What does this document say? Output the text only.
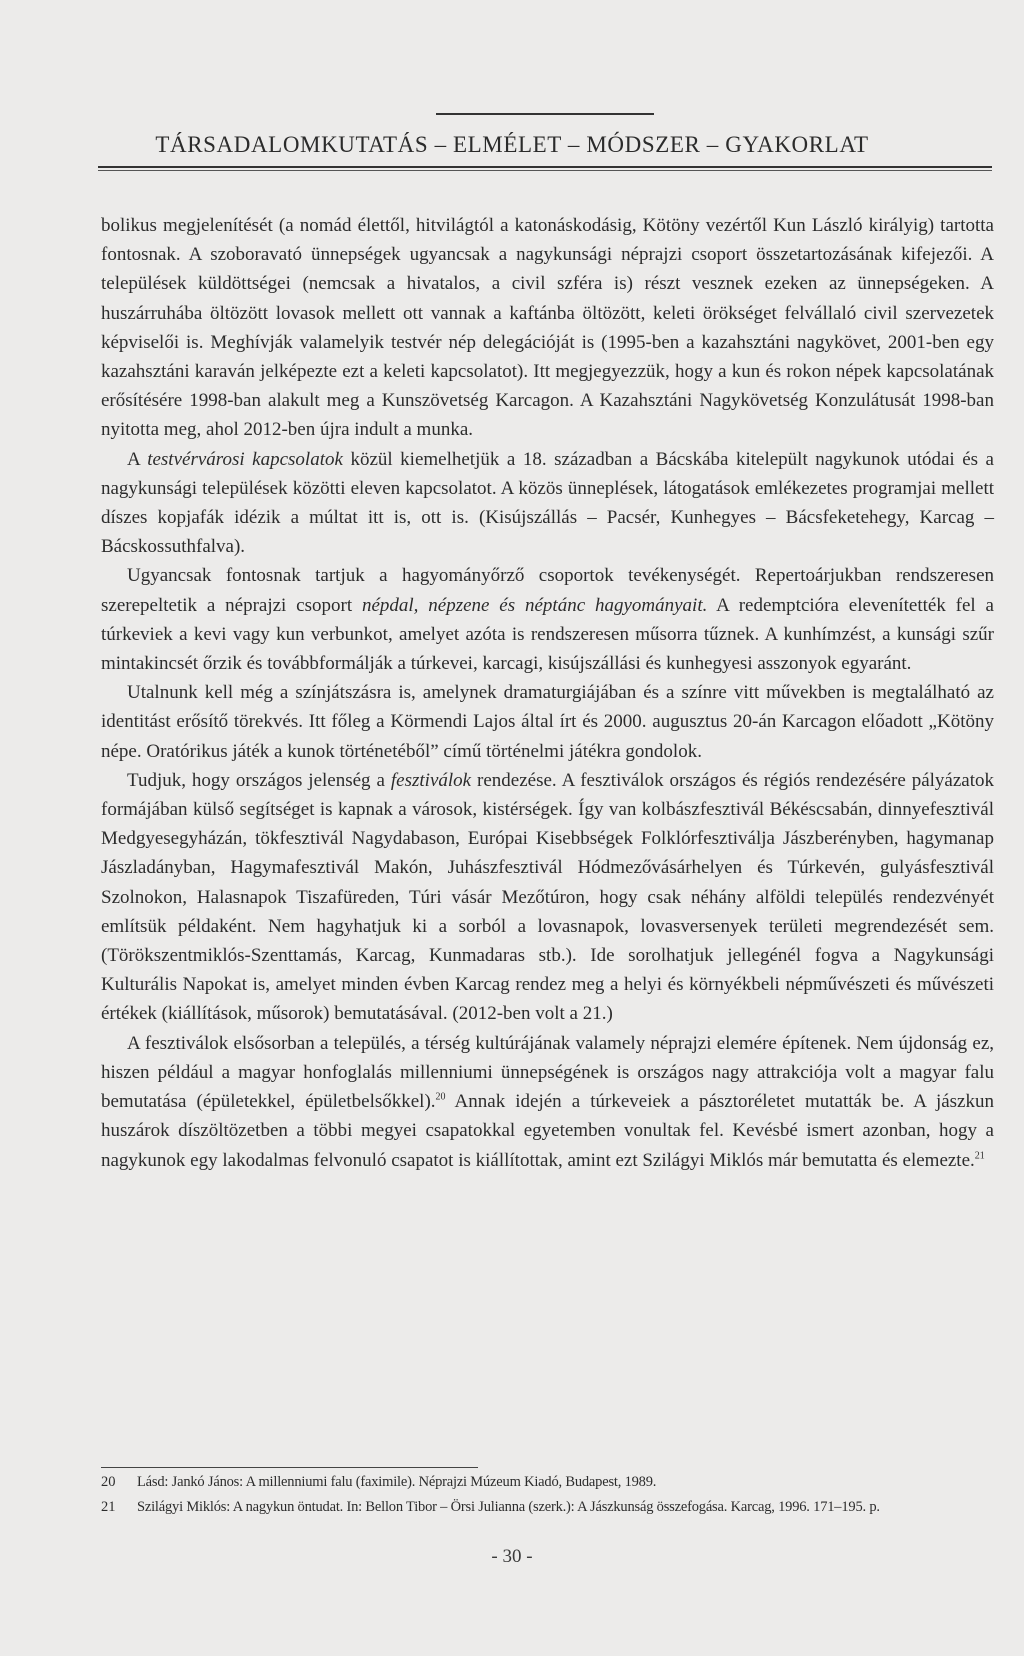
TÁRSADALOMKUTATÁS – ELMÉLET – MÓDSZER – GYAKORLAT

bolikus megjelenítését (a nomád élettől, hitvilágtól a katonáskodásig, Kötöny vezértől Kun László királyig) tartotta fontosnak. A szoboravató ünnepségek ugyancsak a nagykunsági néprajzi csoport összetartozásának kifejezői. A települések küldöttségei (nemcsak a hivatalos, a civil szféra is) részt vesznek ezeken az ünnepségeken. A huszárruhába öltözött lovasok mellett ott vannak a kaftánba öltözött, keleti örökséget felvállaló civil szervezetek képviselői is. Meghívják valamelyik testvér nép delegációját is (1995-ben a kazahsztáni nagykövet, 2001-ben egy kazahsztáni karaván jelképezte ezt a keleti kapcsolatot). Itt megjegyezzük, hogy a kun és rokon népek kapcsolatának erősítésére 1998-ban alakult meg a Kunszövetség Karcagon. A Kazahsztáni Nagykövetség Konzulátusát 1998-ban nyitotta meg, ahol 2012-ben újra indult a munka.

A testvérvárosi kapcsolatok közül kiemelhetjük a 18. században a Bácskába kitelepült nagykunok utódai és a nagykunsági települések közötti eleven kapcsolatot. A közös ünneplések, látogatások emlékezetes programjai mellett díszes kopjafák idézik a múltat itt is, ott is. (Kisújszállás – Pacsér, Kunhegyes – Bácsfeketehegy, Karcag – Bácskossuthfalva).

Ugyancsak fontosnak tartjuk a hagyományőrző csoportok tevékenységét. Repertoárjukban rendszeresen szerepeltetik a néprajzi csoport népdal, népzene és néptánc hagyományait. A redemptcióra elevenítették fel a túrkeviek a kevi vagy kun verbunkot, amelyet azóta is rendszeresen műsorra tűznek. A kunhímzést, a kunsági szűr mintakincsét őrzik és továbbformálják a túrkevei, karcagi, kisújszállási és kunhegyesi asszonyok egyaránt.

Utalnunk kell még a színjátszásra is, amelynek dramaturgiájában és a színre vitt művekben is megtalálható az identitást erősítő törekvés. Itt főleg a Körmendi Lajos által írt és 2000. augusztus 20-án Karcagon előadott „Kötöny népe. Oratórikus játék a kunok történetéből” című történelmi játékra gondolok.

Tudjuk, hogy országos jelenség a fesztiválok rendezése. A fesztiválok országos és régiós rendezésére pályázatok formájában külső segítséget is kapnak a városok, kistérségek. Így van kolbászfesztivál Békéscsabán, dinnyefesztivál Medgyesegyházán, tökfesztivál Nagydabason, Európai Kisebbségek Folklórfesztiválja Jászberényben, hagymanap Jászladányban, Hagymafesztivál Makón, Juhászfesztivál Hódmezővásárhelyen és Túrkevén, gulyásfesztivál Szolnokon, Halasnapok Tiszafüreden, Túri vásár Mezőtúron, hogy csak néhány alföldi település rendezvényét említsük példaként. Nem hagyhatjuk ki a sorból a lovasnapok, lovasversenyek területi megrendezését sem. (Törökszentmiklós-Szenttamás, Karcag, Kunmadaras stb.). Ide sorolhatjuk jellegénél fogva a Nagykunsági Kulturális Napokat is, amelyet minden évben Karcag rendez meg a helyi és környékbeli népművészeti és művészeti értékek (kiállítások, műsorok) bemutatásával. (2012-ben volt a 21.)

A fesztiválok elsősorban a település, a térség kultúrájának valamely néprajzi elemére építenek. Nem újdonság ez, hiszen például a magyar honfoglalás millenniumi ünnepségének is országos nagy attrakciója volt a magyar falu bemutatása (épületekkel, épületbelsőkkel).$^{20}$ Annak idején a túrkeveiek a pásztoréletet mutatták be. A jászkun huszárok díszöltözetben a többi megyei csapatokkal egyetemben vonultak fel. Kevésbé ismert azonban, hogy a nagykunok egy lakodalmas felvonuló csapatot is kiállítottak, amint ezt Szilágyi Miklós már bemutatta és elemezte.$^{21}$

20	Lásd: Jankó János: A millenniumi falu (faximile). Néprajzi Múzeum Kiadó, Budapest, 1989.
21	Szilágyi Miklós: A nagykun öntudat. In: Bellon Tibor – Örsi Julianna (szerk.): A Jászkunság összefogása. Karcag, 1996. 171–195. p.
- 30 -
